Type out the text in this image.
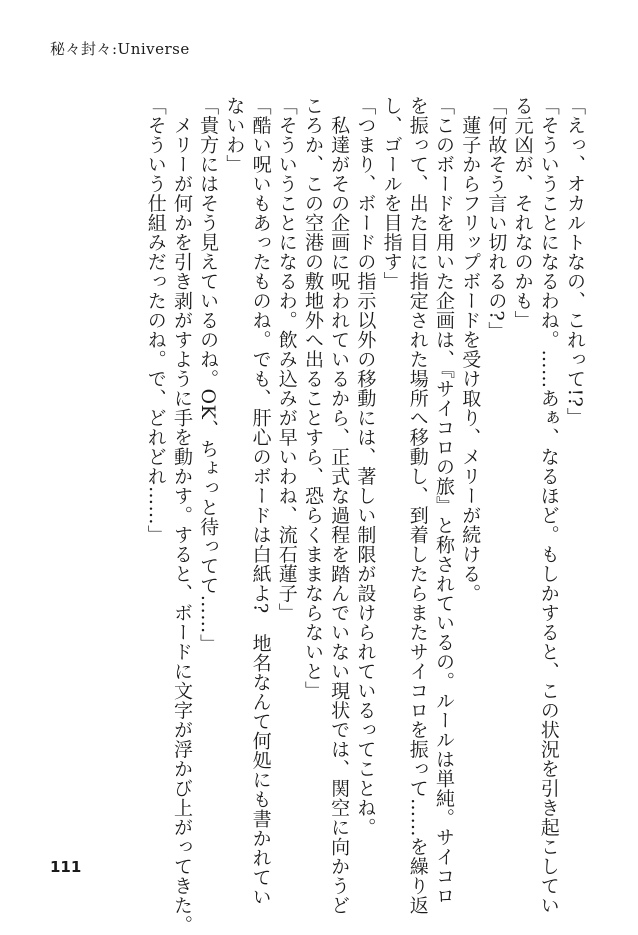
秘々封々:Universe
「えっ、オカルトなの、これって!?」
「そういうことになるわね。……あぁ、なるほど。もしかすると、この状況を引き起こしてい
る元凶が、それなのかも」
「何故そう言い切れるの?」
　蓮子からフリップボードを受け取り、メリーが続ける。
「このボードを用いた企画は、『サイコロの旅』と称されているの。ルールは単純。サイコロ
を振って、出た目に指定された場所へ移動し、到着したらまたサイコロを振って……を繰り返
し、ゴールを目指す」
「つまり、ボードの指示以外の移動には、著しい制限が設けられているってことね。
　私達がその企画に呪われているから、正式な過程を踏んでいない現状では、関空に向かうど
ころか、この空港の敷地外へ出ることすら、恐らくままならないと」
「そういうことになるわ。飲み込みが早いわね、流石蓮子」
「酷い呪いもあったものね。でも、肝心のボードは白紙よ?　地名なんて何処にも書かれてい
ないわ」
「貴方にはそう見えているのね。OK、ちょっと待ってて……」
　メリーが何かを引き剥がすように手を動かす。すると、ボードに文字が浮かび上がってきた。
「そういう仕組みだったのね。で、どれどれ……」
111
